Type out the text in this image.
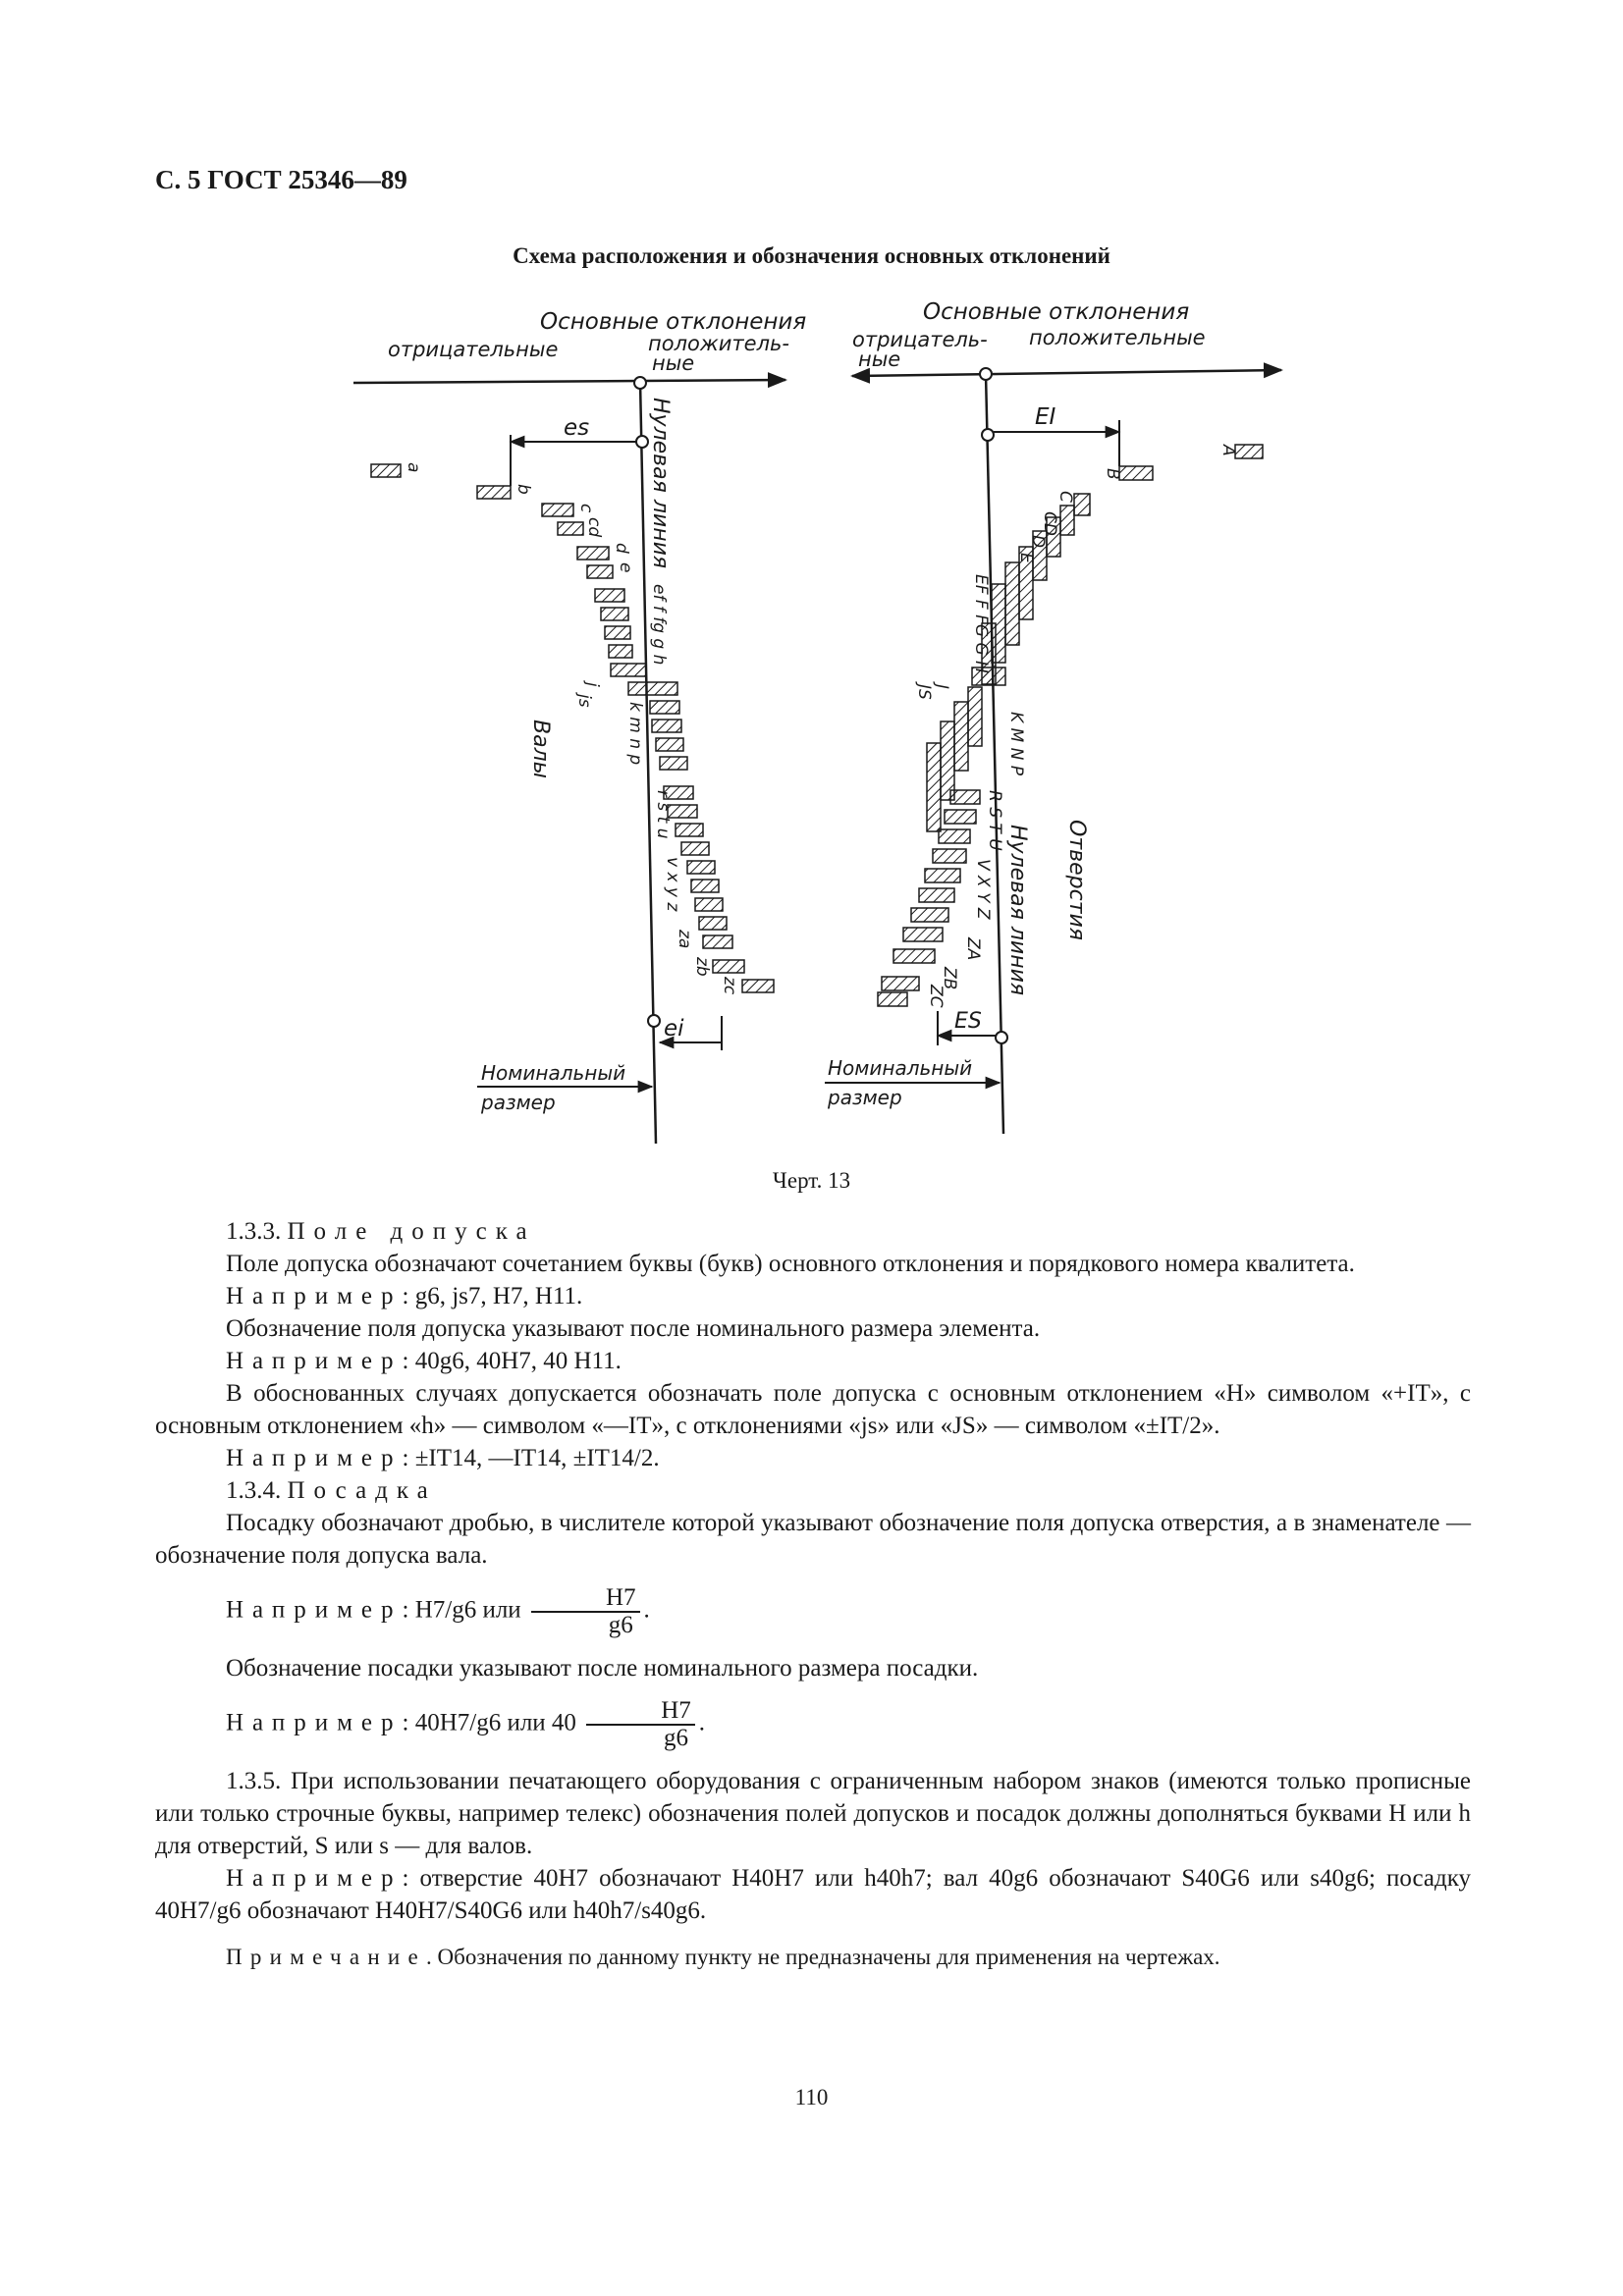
С. 5 ГОСТ 25346—89
Схема расположения и обозначения основных отклонений
Основные отклонения
отрицательные	положитель-
ные
es
ei
a
b
c
cd
d
e
ef f fg g h
j
js
k m n p
r s t u
v x y z
za
zb
zc
Нулевая линия
Валы
Номинальный
размер
Основные отклонения
отрицатель-
ные
положительные
EI
ES
A
B
C
CD
D
E
EF F FG G H
J
JS
K M N P
R S T U
V X Y Z
ZA
ZB
ZC
Нулевая линия Отверстия
Номинальный
размер
Черт. 13

1.3.3. Поле допуска

Поле допуска обозначают сочетанием буквы (букв) основного отклонения и порядкового номера квалитета.

Например: g6, js7, H7, H11.

Обозначение поля допуска указывают после номинального размера элемента.

Например: 40g6, 40H7, 40 H11.

В обоснованных случаях допускается обозначать поле допуска с основным отклонением «H» символом «+IT», с основным отклонением «h» — символом «—IT», с отклонениями «js» или «JS» — символом «±IT/2».

Например: ±IT14, —IT14, ±IT14/2.

1.3.4. Посадка

Посадку обозначают дробью, в числителе которой указывают обозначение поля допуска отверстия, а в знаменателе — обозначение поля допуска вала.

Например: H7/g6 или $\frac{H7}{g6}$ .

Обозначение посадки указывают после номинального размера посадки.

Например: 40H7/g6 или $40 \frac{H7}{g6}$ .

1.3.5. При использовании печатающего оборудования с ограниченным набором знаков (имеются только прописные или только строчные буквы, например телекс) обозначения полей допусков и посадок должны дополняться буквами H или h для отверстий, S или s — для валов.

Например: отверстие 40H7 обозначают H40H7 или h40h7; вал 40g6 обозначают S40G6 или s40g6; посадку 40H7/g6 обозначают H40H7/S40G6 или h40h7/s40g6.

Примечание. Обозначения по данному пункту не предназначены для применения на чертежах.

110
